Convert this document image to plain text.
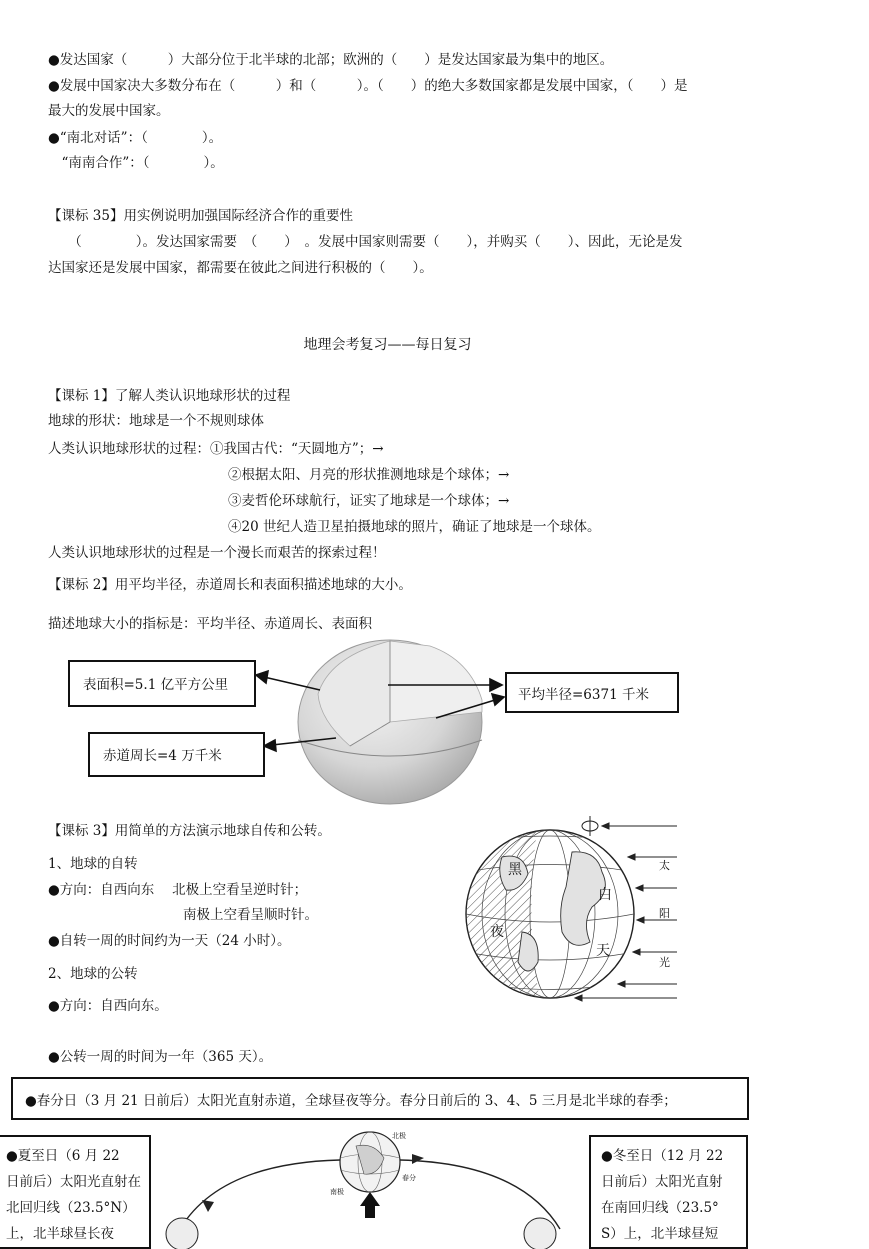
●发达国家（　　　）大部分位于北半球的北部；欧洲的（　　）是发达国家最为集中的地区。
●发展中国家决大多数分布在（　　　）和（　　　）。（　　）的绝大多数国家都是发展中国家，（　　）是
最大的发展中国家。
●“南北对话”：（　　　　）。
　“南南合作”：（　　　　）。
【课标 35】用实例说明加强国际经济合作的重要性
　　（　　　　）。发达国家需要　（　　）　。发展中国家则需要（　　），并购买（　　）、因此，无论是发
达国家还是发展中国家，都需要在彼此之间进行积极的（　　）。
地理会考复习——每日复习
【课标 1】了解人类认识地球形状的过程
地球的形状：地球是一个不规则球体
人类认识地球形状的过程：①我国古代：“天圆地方”；→
②根据太阳、月亮的形状推测地球是个球体；→
③麦哲伦环球航行，证实了地球是一个球体；→
④20 世纪人造卫星拍摄地球的照片，确证了地球是一个球体。
人类认识地球形状的过程是一个漫长而艰苦的探索过程！
【课标 2】用平均半径，赤道周长和表面积描述地球的大小。
描述地球大小的指标是：平均半径、赤道周长、表面积
表面积=5.1 亿平方公里
平均半径=6371 千米
赤道周长=4 万千米
【课标 3】用简单的方法演示地球自传和公转。
1、地球的自转
●方向：自西向东　 北极上空看呈逆时针；
南极上空看呈顺时针。
●自转一周的时间约为一天（24 小时）。
2、地球的公转
●方向：自西向东。
●公转一周的时间为一年（365 天）。
黑
夜
白
天
太
阳
光
●春分日（3 月 21 日前后）太阳光直射赤道，全球昼夜等分。春分日前后的 3、4、5 三月是北半球的春季；

●夏至日（6 月 22

日前后）太阳光直射在

北回归线（23.5°N）

上，北半球昼长夜

●冬至日（12 月 22

日前后）太阳光直射

在南回归线（23.5°

S）上，北半球昼短

北极
南极
春分
